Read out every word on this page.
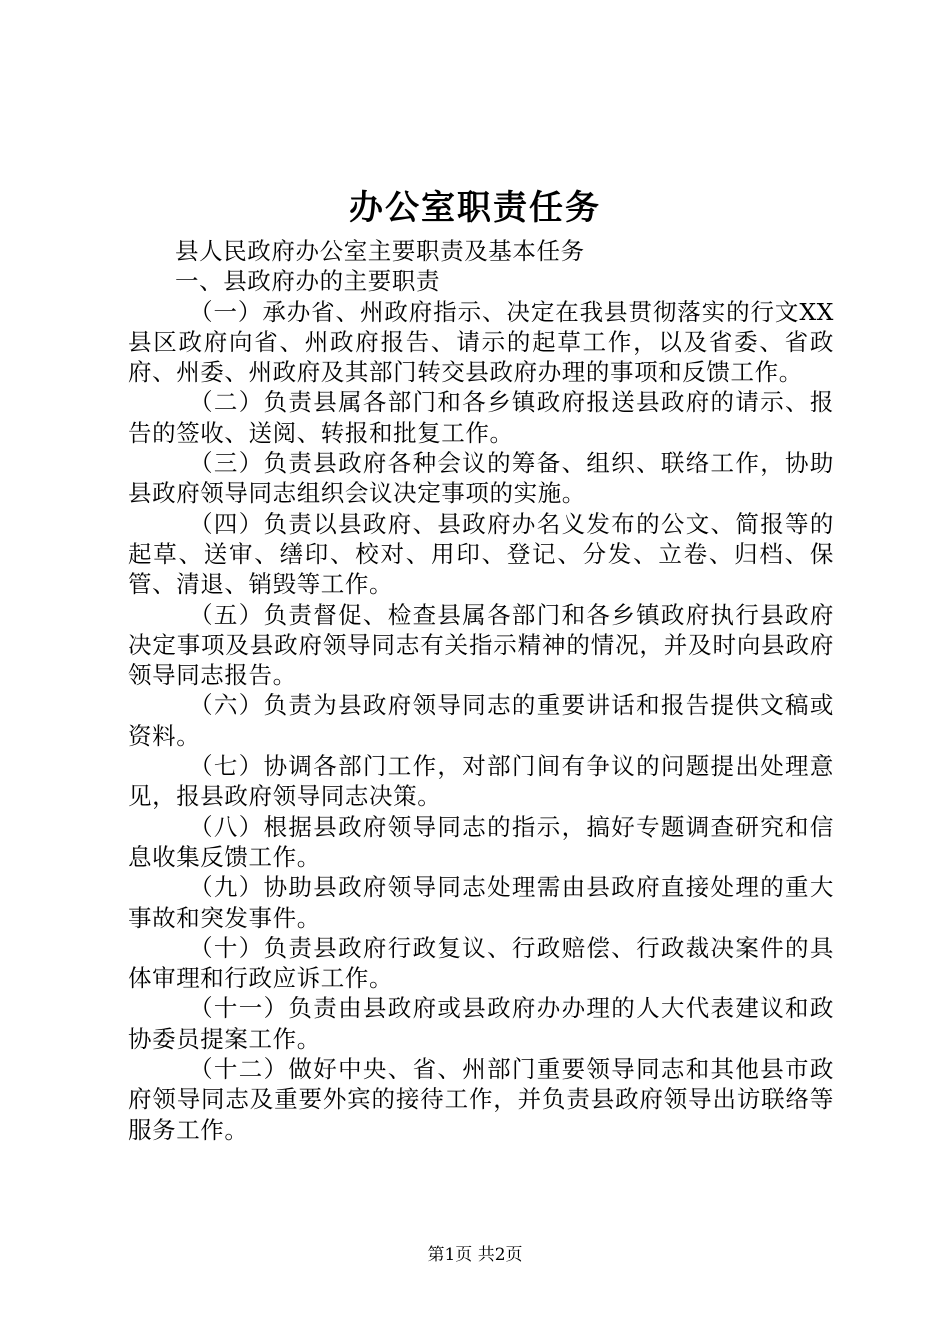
办公室职责任务

县人民政府办公室主要职责及基本任务

一、县政府办的主要职责

（一）承办省、州政府指示、决定在我县贯彻落实的行文XX县区政府向省、州政府报告、请示的起草工作，以及省委、省政府、州委、州政府及其部门转交县政府办理的事项和反馈工作。

（二）负责县属各部门和各乡镇政府报送县政府的请示、报告的签收、送阅、转报和批复工作。

（三）负责县政府各种会议的筹备、组织、联络工作，协助县政府领导同志组织会议决定事项的实施。

（四）负责以县政府、县政府办名义发布的公文、简报等的起草、送审、缮印、校对、用印、登记、分发、立卷、归档、保管、清退、销毁等工作。

（五）负责督促、检查县属各部门和各乡镇政府执行县政府决定事项及县政府领导同志有关指示精神的情况，并及时向县政府领导同志报告。

（六）负责为县政府领导同志的重要讲话和报告提供文稿或资料。

（七）协调各部门工作，对部门间有争议的问题提出处理意见，报县政府领导同志决策。

（八）根据县政府领导同志的指示，搞好专题调查研究和信息收集反馈工作。

（九）协助县政府领导同志处理需由县政府直接处理的重大事故和突发事件。

（十）负责县政府行政复议、行政赔偿、行政裁决案件的具体审理和行政应诉工作。

（十一）负责由县政府或县政府办办理的人大代表建议和政协委员提案工作。

（十二）做好中央、省、州部门重要领导同志和其他县市政府领导同志及重要外宾的接待工作，并负责县政府领导出访联络等服务工作。

第1页 共2页
